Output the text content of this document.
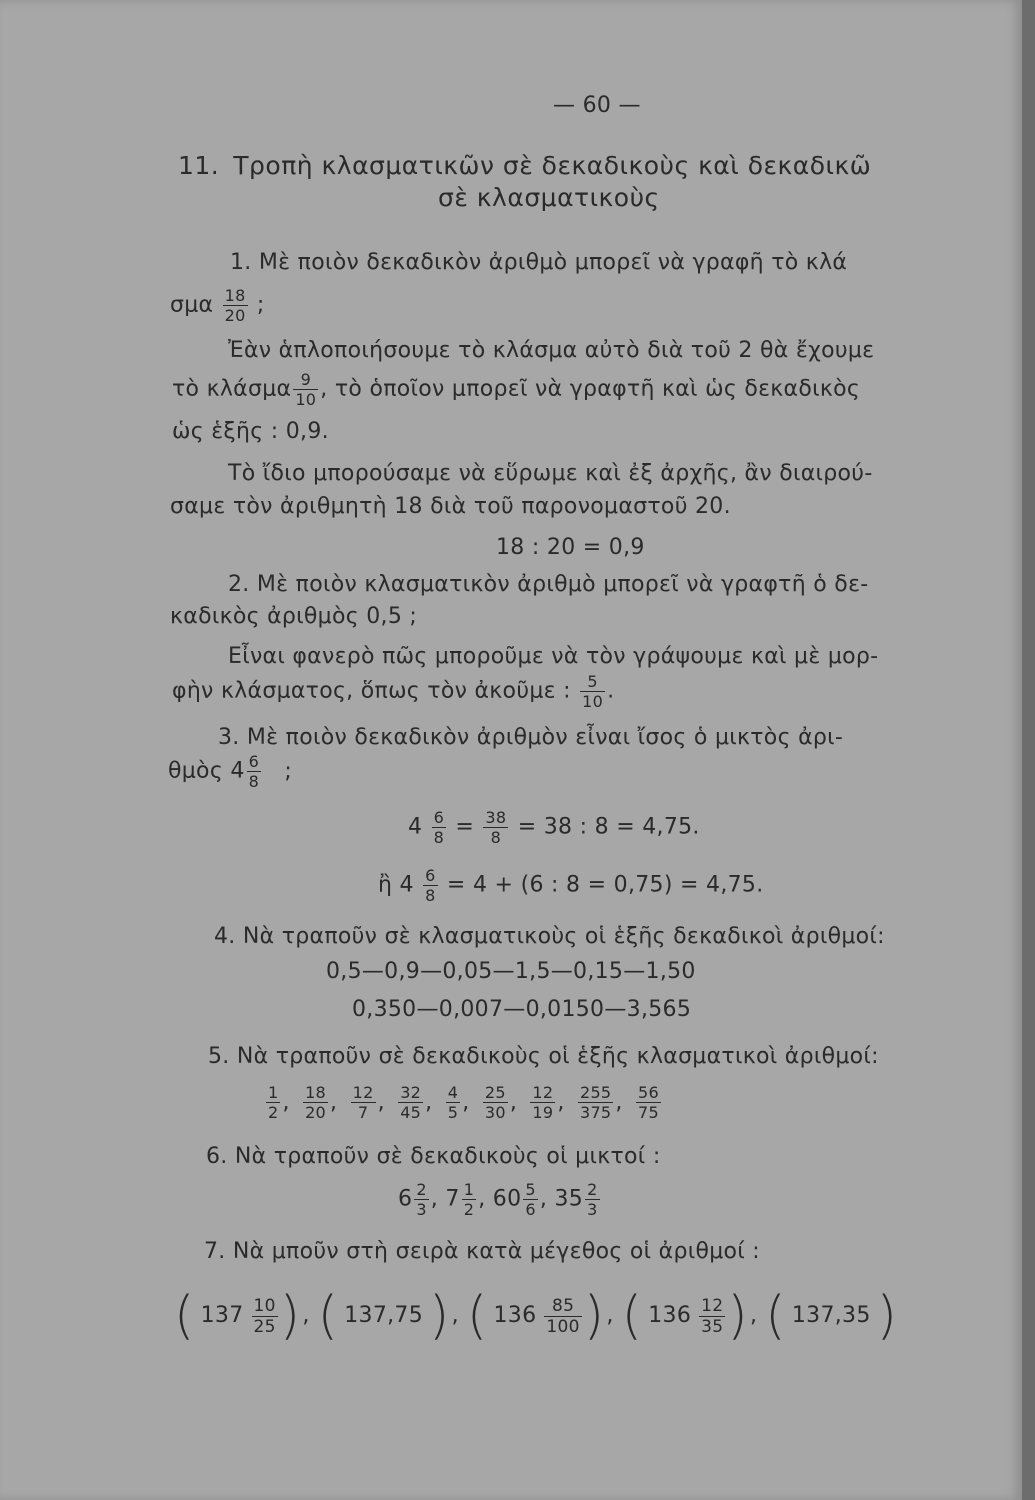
— 60 —
11. Τροπὴ κλασματικῶν σὲ δεκαδικοὺς καὶ δεκαδικῶ
σὲ κλασματικοὺς
1. Μὲ ποιὸν δεκαδικὸν ἀριθμὸ μπορεῖ νὰ γραφῆ τὸ κλά
σμα $\frac{18}{20}$ ;
Ἐὰν ἁπλοποιήσουμε τὸ κλάσμα αὐτὸ διὰ τοῦ 2 θὰ ἔχουμε
τὸ κλάσμα $\frac{9}{10}$ , τὸ ὁποῖον μπορεῖ νὰ γραφτῆ καὶ ὡς δεκαδικὸς
ὡς ἑξῆς : 0,9.
Τὸ ἴδιο μπορούσαμε νὰ εὕρωμε καὶ ἐξ ἀρχῆς, ἂν διαιρού-
σαμε τὸν ἀριθμητὴ 18 διὰ τοῦ παρονομαστοῦ 20.
18 : 20 = 0,9
2. Μὲ ποιὸν κλασματικὸν ἀριθμὸ μπορεῖ νὰ γραφτῆ ὁ δε-
καδικὸς ἀριθμὸς 0,5 ;
Εἶναι φανερὸ πῶς μποροῦμε νὰ τὸν γράψουμε καὶ μὲ μορ-
φὴν κλάσματος, ὅπως τὸν ἀκοῦμε : $\frac{5}{10}$ .
3. Μὲ ποιὸν δεκαδικὸν ἀριθμὸν εἶναι ἴσος ὁ μικτὸς ἀρι-
θμὸς $4 \frac{6}{8}$ ;
$4 \frac{6}{8} = \frac{38}{8} = 38$ : 8 = 4,75.
ἢ $4 \frac{6}{8} = 4 + (6$ : 8 = 0,75) = 4,75.
4. Νὰ τραποῦν σὲ κλασματικοὺς οἱ ἑξῆς δεκαδικοὶ ἀριθμοί:
0,5—0,9—0,05—1,5—0,15—1,50
0,350—0,007—0,0150—3,565
5. Νὰ τραποῦν σὲ δεκαδικοὺς οἱ ἑξῆς κλασματικοὶ ἀριθμοί:
$\frac{1}{2}$ , $\frac{18}{20}$ , $\frac{12}{7}$ , $\frac{32}{45}$ , $\frac{4}{5}$ , $\frac{25}{30}$ , $\frac{12}{19}$ , $\frac{255}{375}$ , $\frac{56}{75}$
6. Νὰ τραποῦν σὲ δεκαδικοὺς οἱ μικτοί :
$6 \frac{2}{3}$ , $7 \frac{1}{2}$ , $60 \frac{5}{6}$ , $35 \frac{2}{3}$
7. Νὰ μποῦν στὴ σειρὰ κατὰ μέγεθος οἱ ἀριθμοί :
( $137 \frac{10}{25}$ ), ( 137,75 ), ( $136 \frac{85}{100}$ ), ( $136 \frac{12}{35}$ ), ( 137,35 )
